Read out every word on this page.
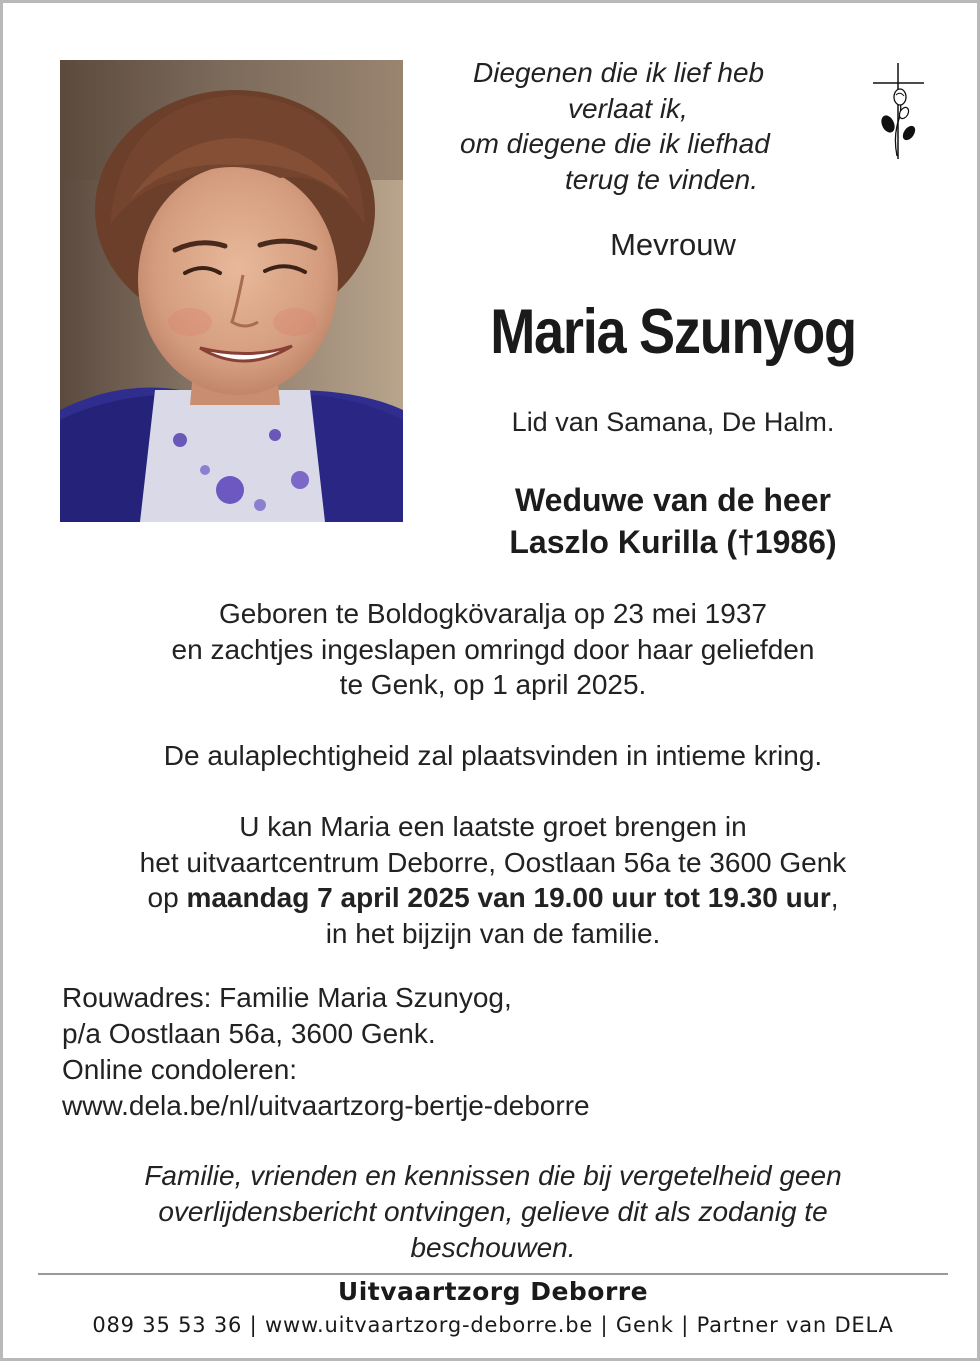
Diegenen die ik lief heb
verlaat ik,
om diegene die ik liefhad
terug te vinden.
Mevrouw
Maria Szunyog
Lid van Samana, De Halm.
Weduwe van de heer
Laszlo Kurilla (†1986)
Geboren te Boldogkövaralja op 23 mei 1937
en zachtjes ingeslapen omringd door haar geliefden
te Genk, op 1 april 2025.
De aulaplechtigheid zal plaatsvinden in intieme kring.
U kan Maria een laatste groet brengen in
het uitvaartcentrum Deborre, Oostlaan 56a te 3600 Genk
op maandag 7 april 2025 van 19.00 uur tot 19.30 uur,
in het bijzijn van de familie.
Rouwadres: Familie Maria Szunyog,
p/a Oostlaan 56a, 3600 Genk.
Online condoleren:
www.dela.be/nl/uitvaartzorg-bertje-deborre
Familie, vrienden en kennissen die bij vergetelheid geen
overlijdensbericht ontvingen, gelieve dit als zodanig te
beschouwen.
Uitvaartzorg Deborre
089 35 53 36 | www.uitvaartzorg-deborre.be | Genk | Partner van DELA
